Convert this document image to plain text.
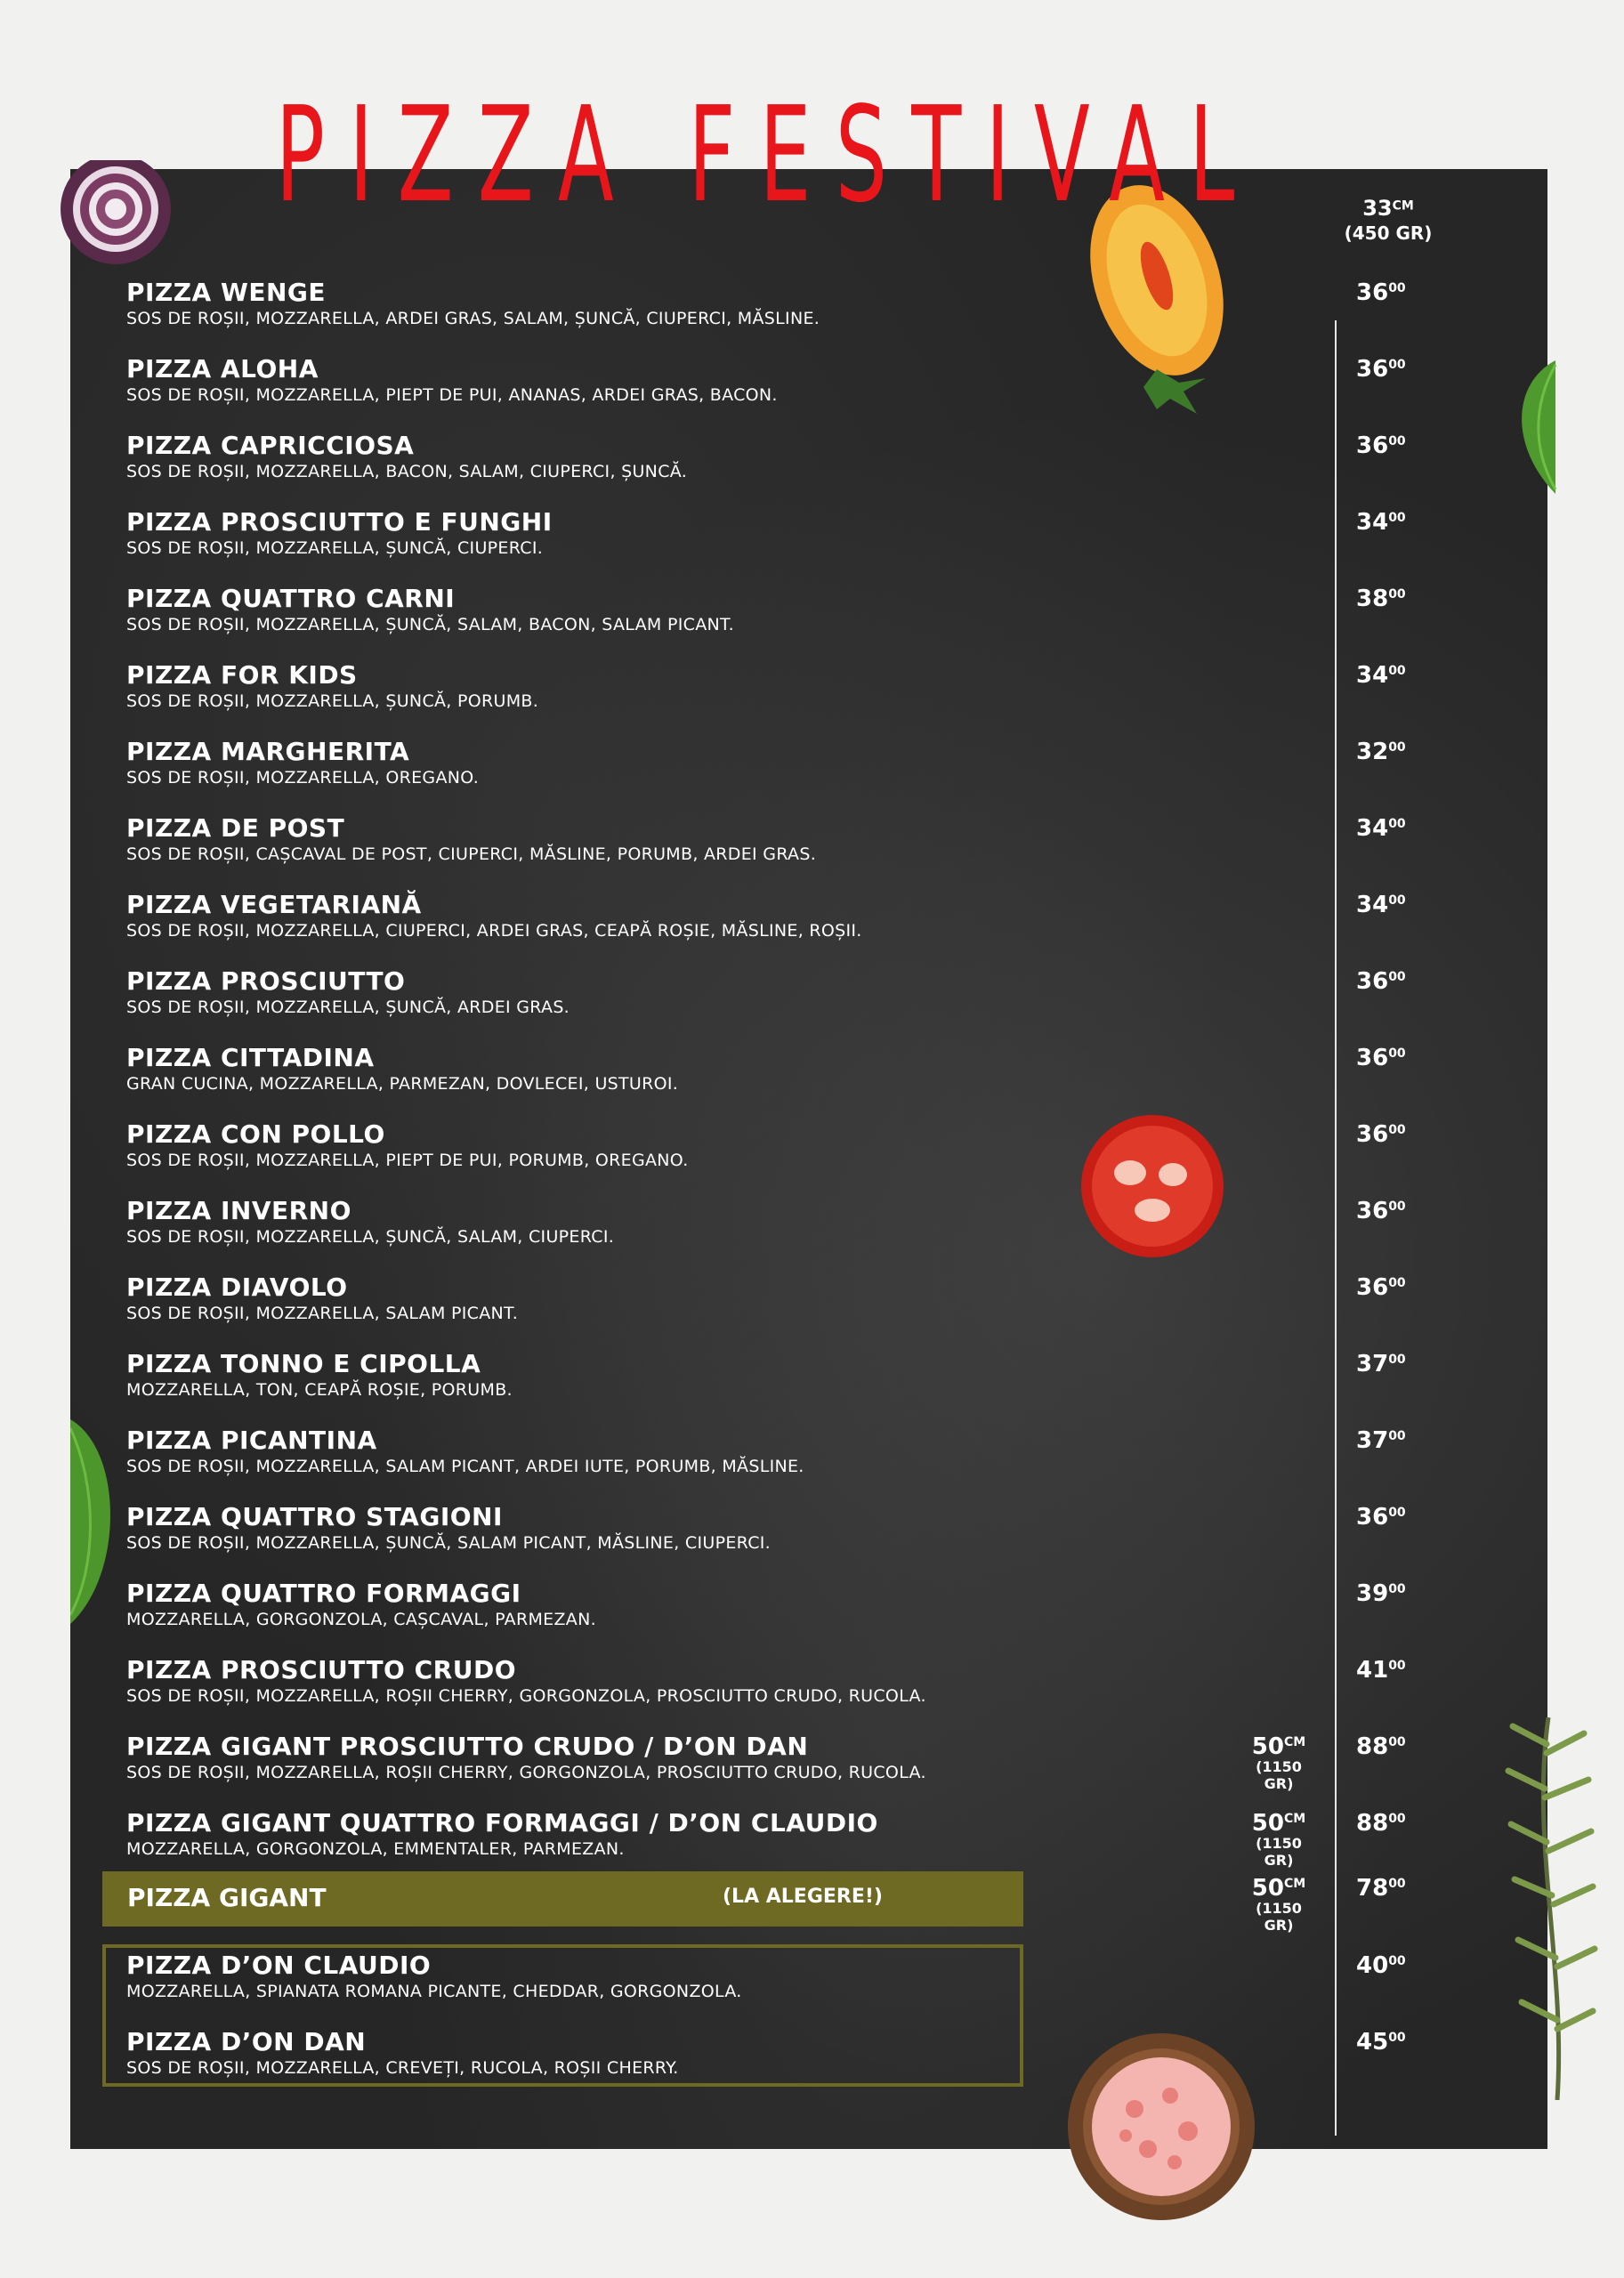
PIZZA FESTIVAL	$33^{CM}$
(450 GR)
PIZZA WENGE
SOS DE ROȘII, MOZZARELLA, ARDEI GRAS, SALAM, ȘUNCĂ, CIUPERCI, MĂSLINE.
$36^{00}$
PIZZA ALOHA
SOS DE ROȘII, MOZZARELLA, PIEPT DE PUI, ANANAS, ARDEI GRAS, BACON.
$36^{00}$
PIZZA CAPRICCIOSA
SOS DE ROȘII, MOZZARELLA, BACON, SALAM, CIUPERCI, ȘUNCĂ.
$36^{00}$
PIZZA PROSCIUTTO E FUNGHI
SOS DE ROȘII, MOZZARELLA, ȘUNCĂ, CIUPERCI.
$34^{00}$
PIZZA QUATTRO CARNI
SOS DE ROȘII, MOZZARELLA, ȘUNCĂ, SALAM, BACON, SALAM PICANT.
$38^{00}$
PIZZA FOR KIDS
SOS DE ROȘII, MOZZARELLA, ȘUNCĂ, PORUMB.
$34^{00}$
PIZZA MARGHERITA
SOS DE ROȘII, MOZZARELLA, OREGANO.
$32^{00}$
PIZZA DE POST
SOS DE ROȘII, CAȘCAVAL DE POST, CIUPERCI, MĂSLINE, PORUMB, ARDEI GRAS.
$34^{00}$
PIZZA VEGETARIANĂ
SOS DE ROȘII, MOZZARELLA, CIUPERCI, ARDEI GRAS, CEAPĂ ROȘIE, MĂSLINE, ROȘII.
$34^{00}$
PIZZA PROSCIUTTO
SOS DE ROȘII, MOZZARELLA, ȘUNCĂ, ARDEI GRAS.
$36^{00}$
PIZZA CITTADINA
GRAN CUCINA, MOZZARELLA, PARMEZAN, DOVLECEI, USTUROI.
$36^{00}$
PIZZA CON POLLO
SOS DE ROȘII, MOZZARELLA, PIEPT DE PUI, PORUMB, OREGANO.
$36^{00}$
PIZZA INVERNO
SOS DE ROȘII, MOZZARELLA, ȘUNCĂ, SALAM, CIUPERCI.
$36^{00}$
PIZZA DIAVOLO
SOS DE ROȘII, MOZZARELLA, SALAM PICANT.
$36^{00}$
PIZZA TONNO E CIPOLLA
MOZZARELLA, TON, CEAPĂ ROȘIE, PORUMB.
$37^{00}$
PIZZA PICANTINA
SOS DE ROȘII, MOZZARELLA, SALAM PICANT, ARDEI IUTE, PORUMB, MĂSLINE.
$37^{00}$
PIZZA QUATTRO STAGIONI
SOS DE ROȘII, MOZZARELLA, ȘUNCĂ, SALAM PICANT, MĂSLINE, CIUPERCI.
$36^{00}$
PIZZA QUATTRO FORMAGGI
MOZZARELLA, GORGONZOLA, CAȘCAVAL, PARMEZAN.
$39^{00}$
PIZZA PROSCIUTTO CRUDO
SOS DE ROȘII, MOZZARELLA, ROȘII CHERRY, GORGONZOLA, PROSCIUTTO CRUDO, RUCOLA.
$41^{00}$
PIZZA GIGANT PROSCIUTTO CRUDO / D’ON DAN
SOS DE ROȘII, MOZZARELLA, ROȘII CHERRY, GORGONZOLA, PROSCIUTTO CRUDO, RUCOLA.
$50^{CM}$
(1150 GR)
$88^{00}$
PIZZA GIGANT QUATTRO FORMAGGI / D’ON CLAUDIO
MOZZARELLA, GORGONZOLA, EMMENTALER, PARMEZAN.
$50^{CM}$
(1150 GR)
$88^{00}$
PIZZA GIGANT	(LA ALEGERE!)	$50^{CM}$
(1150 GR)
$78^{00}$
PIZZA D’ON CLAUDIO
MOZZARELLA, SPIANATA ROMANA PICANTE, CHEDDAR, GORGONZOLA.
$40^{00}$
PIZZA D’ON DAN
SOS DE ROȘII, MOZZARELLA, CREVEȚI, RUCOLA, ROȘII CHERRY.
$45^{00}$
